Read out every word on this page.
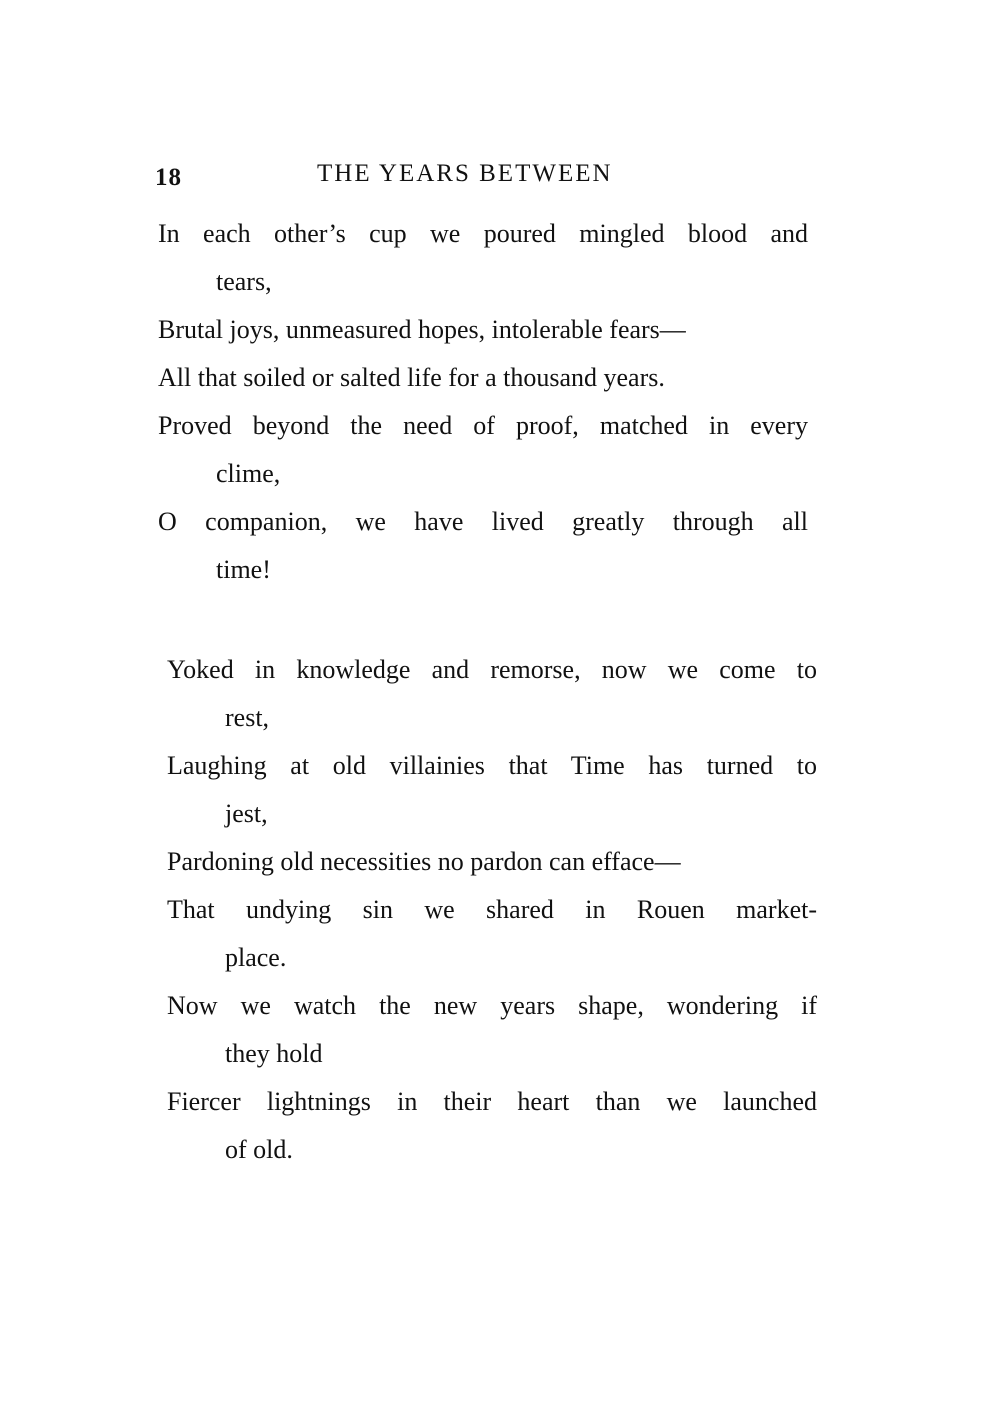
18	THE YEARS BETWEEN
In each other’s cup we poured mingled blood and
tears,
Brutal joys, unmeasured hopes, intolerable fears—
All that soiled or salted life for a thousand years.
Proved beyond the need of proof, matched in every
clime,
O companion, we have lived greatly through all
time!
Yoked in knowledge and remorse, now we come to
rest,
Laughing at old villainies that Time has turned to
jest,
Pardoning old necessities no pardon can efface—
That undying sin we shared in Rouen market-
place.
Now we watch the new years shape, wondering if
they hold
Fiercer lightnings in their heart than we launched
of old.
